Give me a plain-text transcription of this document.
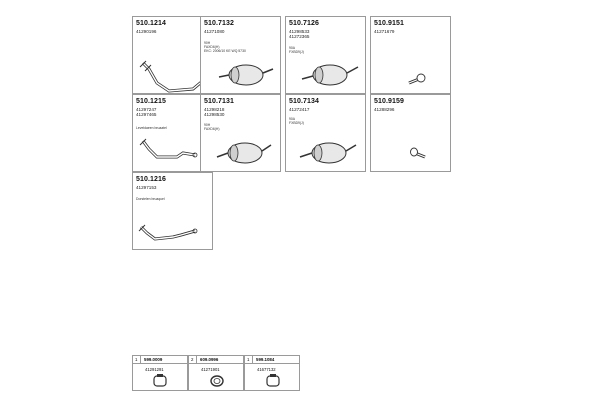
510.1214
41290196
510.7132
41271080
90H
FAXD6(H)
EKC: 2006/10 KE WQ 5730
510.7126
41298533
41272365
90A
FXBD9(J)
510.9151
41271679
510.1215
41297247
41297465
Leveldaeen bruaatel
510.7131
41298218
41298530
90H
FAXD6(H)
510.7134
41272417
90A
FXBD9(J)
510.9159
41288296
510.1216
41297153
Dorstelen bruaquel
1 599.0009
41291291
2 609.0996
41271901
1 599.1084
41677132
